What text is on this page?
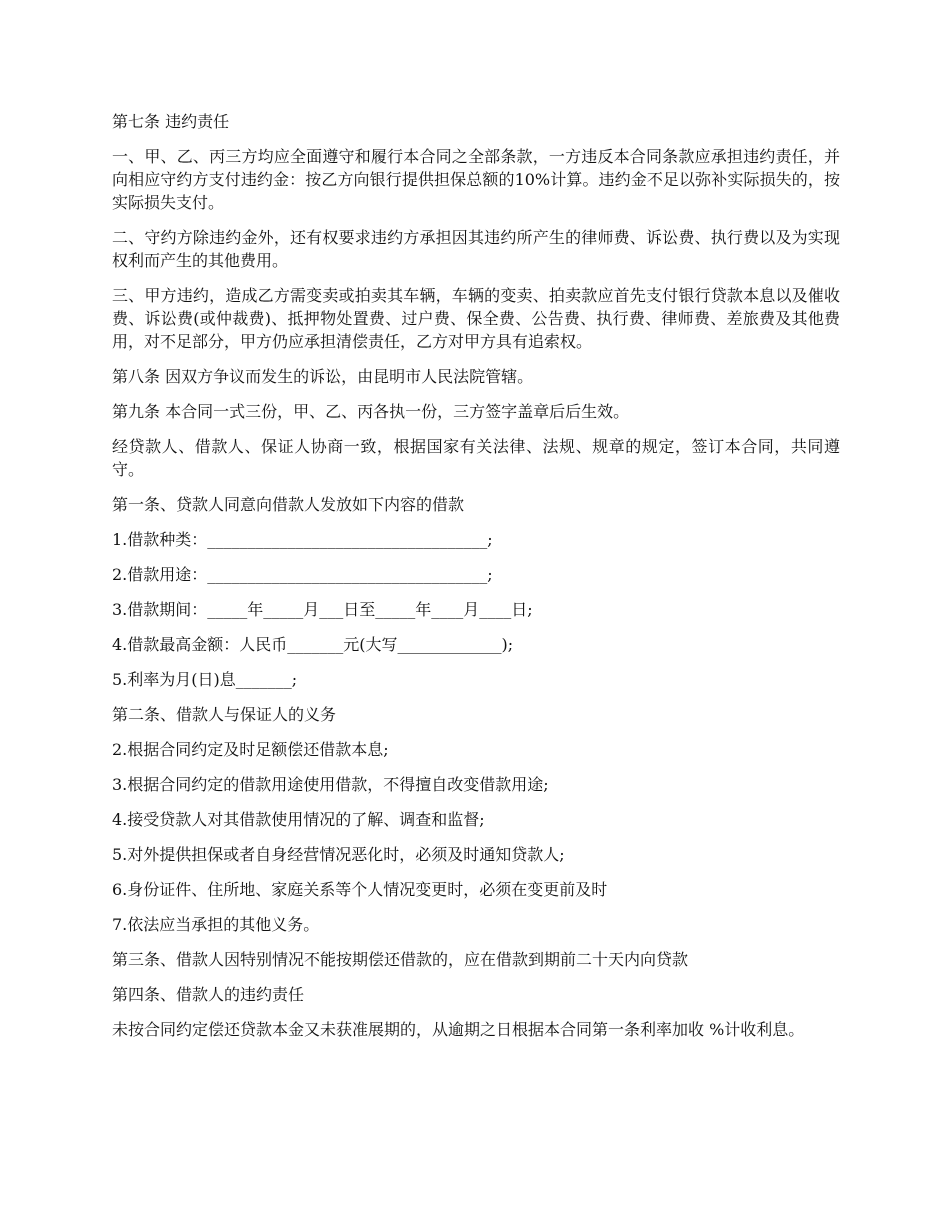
第七条 违约责任

一、甲、乙、丙三方均应全面遵守和履行本合同之全部条款，一方违反本合同条款应承担违约责任，并向相应守约方支付违约金：按乙方向银行提供担保总额的10%计算。违约金不足以弥补实际损失的，按实际损失支付。

二、守约方除违约金外，还有权要求违约方承担因其违约所产生的律师费、诉讼费、执行费以及为实现权利而产生的其他费用。

三、甲方违约，造成乙方需变卖或拍卖其车辆，车辆的变卖、拍卖款应首先支付银行贷款本息以及催收费、诉讼费(或仲裁费)、抵押物处置费、过户费、保全费、公告费、执行费、律师费、差旅费及其他费用，对不足部分，甲方仍应承担清偿责任，乙方对甲方具有追索权。

第八条 因双方争议而发生的诉讼，由昆明市人民法院管辖。

第九条 本合同一式三份，甲、乙、丙各执一份，三方签字盖章后后生效。

经贷款人、借款人、保证人协商一致，根据国家有关法律、法规、规章的规定，签订本合同，共同遵守。

第一条、贷款人同意向借款人发放如下内容的借款

1.借款种类：___________________________________;

2.借款用途：___________________________________;

3.借款期间：_____年_____月___日至_____年____月____日;

4.借款最高金额：人民币_______元(大写_____________);

5.利率为月(日)息_______;

第二条、借款人与保证人的义务

2.根据合同约定及时足额偿还借款本息;

3.根据合同约定的借款用途使用借款，不得擅自改变借款用途;

4.接受贷款人对其借款使用情况的了解、调查和监督;

5.对外提供担保或者自身经营情况恶化时，必须及时通知贷款人;

6.身份证件、住所地、家庭关系等个人情况变更时，必须在变更前及时

7.依法应当承担的其他义务。

第三条、借款人因特别情况不能按期偿还借款的，应在借款到期前二十天内向贷款

第四条、借款人的违约责任

未按合同约定偿还贷款本金又未获准展期的，从逾期之日根据本合同第一条利率加收 %计收利息。
